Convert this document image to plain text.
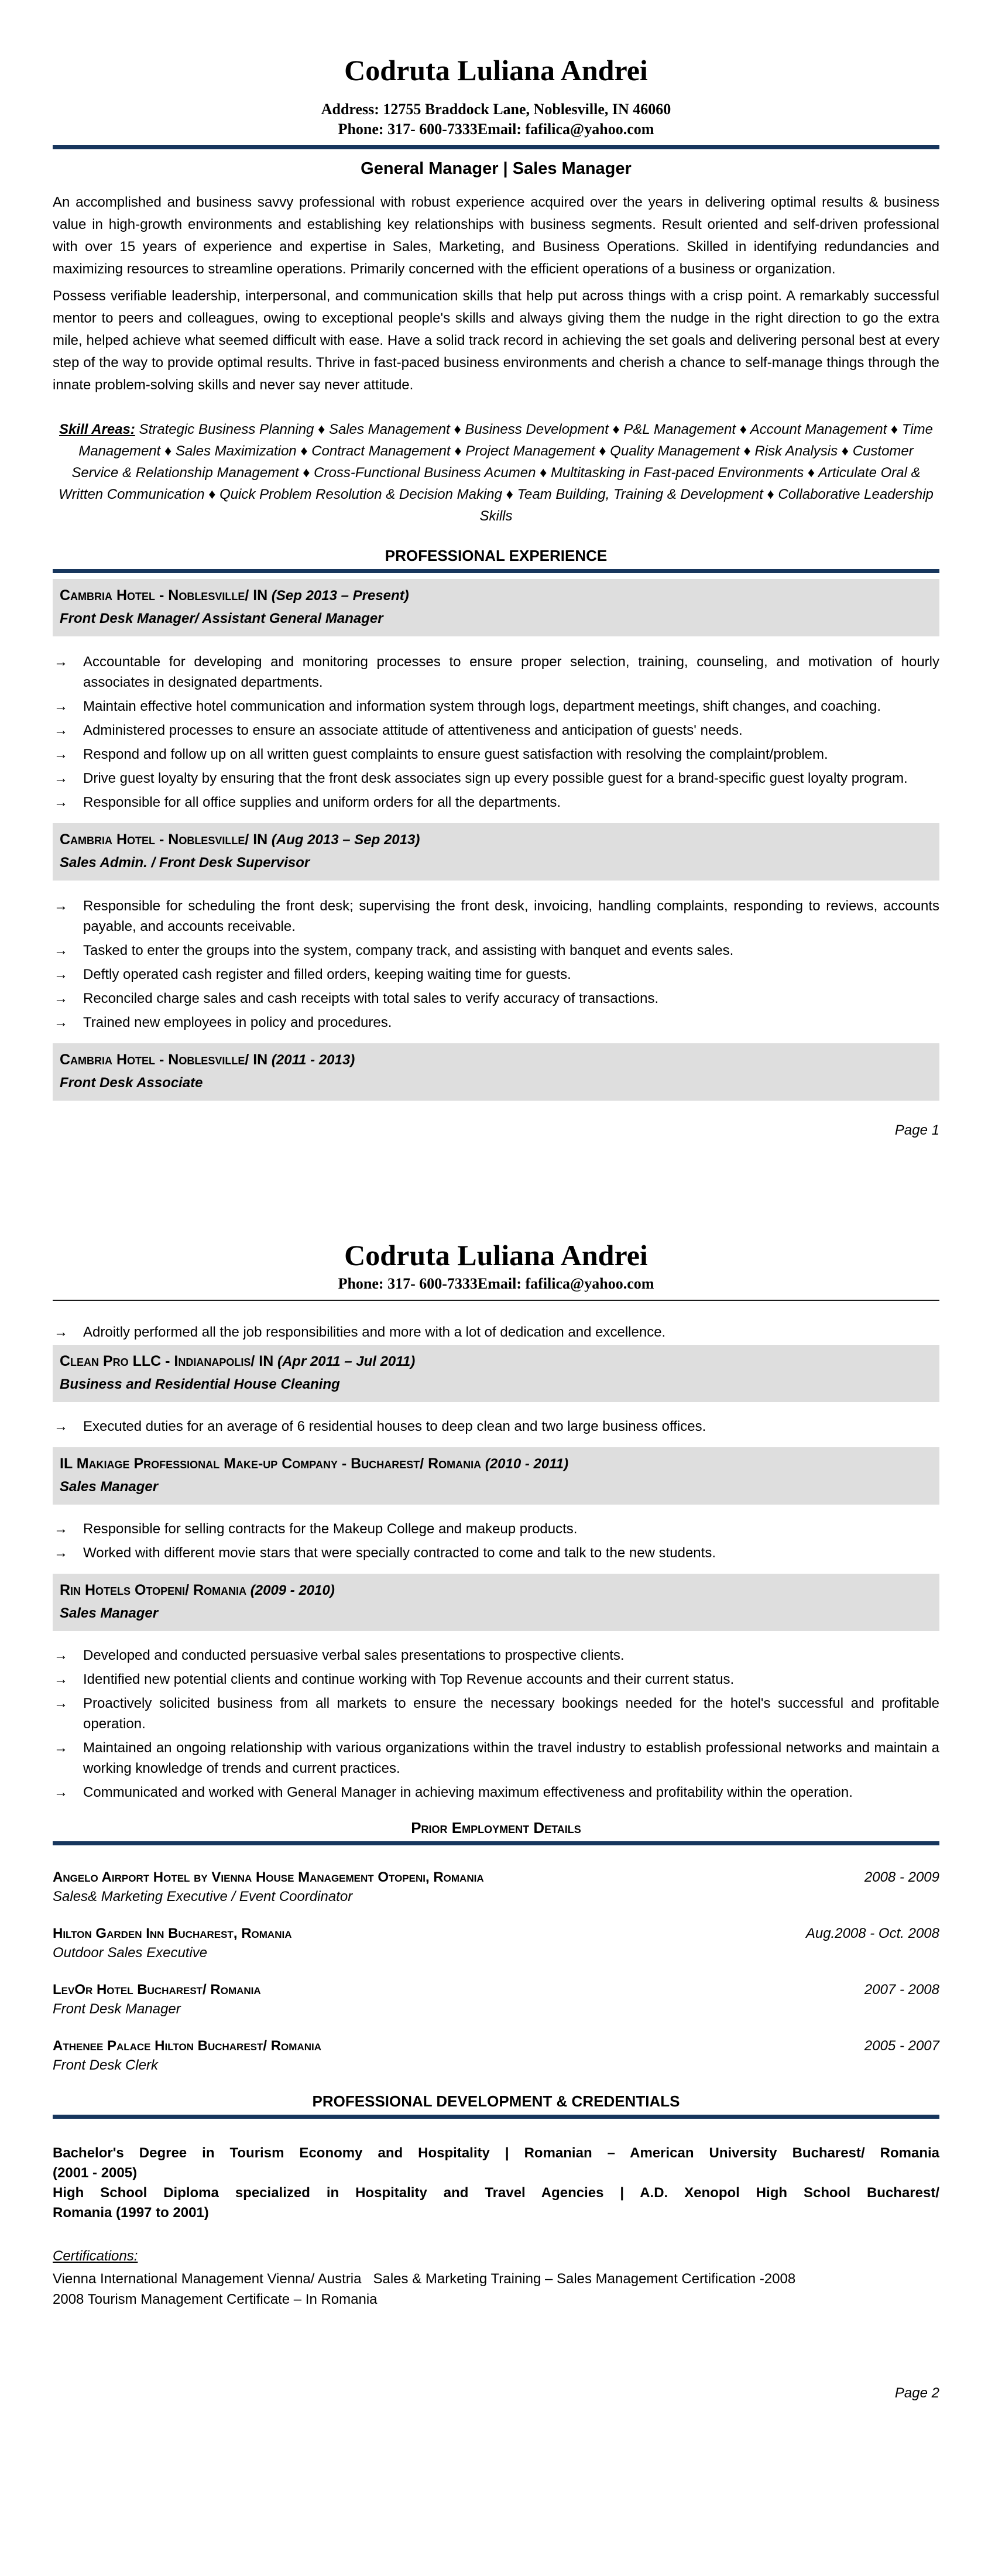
Codruta Luliana Andrei
Address: 12755 Braddock Lane, Noblesville, IN 46060
Phone: 317- 600-7333Email: fafilica@yahoo.com
General Manager | Sales Manager

An accomplished and business savvy professional with robust experience acquired over the years in delivering optimal results & business value in high-growth environments and establishing key relationships with business segments. Result oriented and self-driven professional with over 15 years of experience and expertise in Sales, Marketing, and Business Operations. Skilled in identifying redundancies and maximizing resources to streamline operations. Primarily concerned with the efficient operations of a business or organization.

Possess verifiable leadership, interpersonal, and communication skills that help put across things with a crisp point. A remarkably successful mentor to peers and colleagues, owing to exceptional people's skills and always giving them the nudge in the right direction to go the extra mile, helped achieve what seemed difficult with ease. Have a solid track record in achieving the set goals and delivering personal best at every step of the way to provide optimal results. Thrive in fast-paced business environments and cherish a chance to self-manage things through the innate problem-solving skills and never say never attitude.

Skill Areas: Strategic Business Planning ♦ Sales Management ♦ Business Development ♦ P&L Management ♦ Account Management ♦ Time Management ♦ Sales Maximization ♦ Contract Management ♦ Project Management ♦ Quality Management ♦ Risk Analysis ♦ Customer Service & Relationship Management ♦ Cross-Functional Business Acumen ♦ Multitasking in Fast-paced Environments ♦ Articulate Oral & Written Communication ♦ Quick Problem Resolution & Decision Making ♦ Team Building, Training & Development ♦ Collaborative Leadership Skills

PROFESSIONAL EXPERIENCE
Cambria Hotel - Noblesville/ IN (Sep 2013 – Present)
Front Desk Manager/ Assistant General Manager
→	Accountable for developing and monitoring processes to ensure proper selection, training, counseling, and motivation of hourly associates in designated departments.
→	Maintain effective hotel communication and information system through logs, department meetings, shift changes, and coaching.
→	Administered processes to ensure an associate attitude of attentiveness and anticipation of guests' needs.
→	Respond and follow up on all written guest complaints to ensure guest satisfaction with resolving the complaint/problem.
→	Drive guest loyalty by ensuring that the front desk associates sign up every possible guest for a brand-specific guest loyalty program.
→	Responsible for all office supplies and uniform orders for all the departments.
Cambria Hotel - Noblesville/ IN (Aug 2013 – Sep 2013)
Sales Admin. / Front Desk Supervisor
→	Responsible for scheduling the front desk; supervising the front desk, invoicing, handling complaints, responding to reviews, accounts payable, and accounts receivable.
→	Tasked to enter the groups into the system, company track, and assisting with banquet and events sales.
→	Deftly operated cash register and filled orders, keeping waiting time for guests.
→	Reconciled charge sales and cash receipts with total sales to verify accuracy of transactions.
→	Trained new employees in policy and procedures.
Cambria Hotel - Noblesville/ IN (2011 - 2013)
Front Desk Associate
Page 1
Codruta Luliana Andrei
Phone: 317- 600-7333Email: fafilica@yahoo.com
→	Adroitly performed all the job responsibilities and more with a lot of dedication and excellence.
Clean Pro LLC - Indianapolis/ IN (Apr 2011 – Jul 2011)
Business and Residential House Cleaning
→	Executed duties for an average of 6 residential houses to deep clean and two large business offices.
IL Makiage Professional Make-up Company - Bucharest/ Romania (2010 - 2011)
Sales Manager
→	Responsible for selling contracts for the Makeup College and makeup products.
→	Worked with different movie stars that were specially contracted to come and talk to the new students.
Rin Hotels Otopeni/ Romania (2009 - 2010)
Sales Manager
→	Developed and conducted persuasive verbal sales presentations to prospective clients.
→	Identified new potential clients and continue working with Top Revenue accounts and their current status.
→	Proactively solicited business from all markets to ensure the necessary bookings needed for the hotel's successful and profitable operation.
→	Maintained an ongoing relationship with various organizations within the travel industry to establish professional networks and maintain a working knowledge of trends and current practices.
→	Communicated and worked with General Manager in achieving maximum effectiveness and profitability within the operation.
Prior Employment Details
Angelo Airport Hotel by Vienna House Management Otopeni, Romania	2008 - 2009
Sales& Marketing Executive / Event Coordinator
Hilton Garden Inn Bucharest, Romania	Aug.2008 - Oct. 2008
Outdoor Sales Executive
LevOr Hotel Bucharest/ Romania	2007 - 2008
Front Desk Manager
Athenee Palace Hilton Bucharest/ Romania	2005 - 2007
Front Desk Clerk
PROFESSIONAL DEVELOPMENT & CREDENTIALS

Bachelor's Degree in Tourism Economy and Hospitality | Romanian – American University Bucharest/ Romania

(2001 - 2005)

High School Diploma specialized in Hospitality and Travel Agencies | A.D. Xenopol High School Bucharest/

Romania (1997 to 2001)

Certifications:
Vienna International Management Vienna/ Austria   Sales & Marketing Training – Sales Management Certification -2008
2008 Tourism Management Certificate – In Romania
Page 2
